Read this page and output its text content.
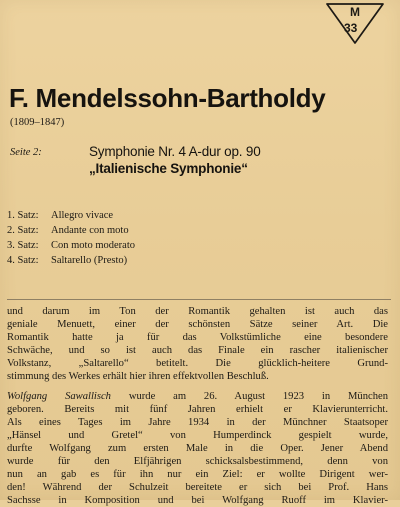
M
33
F. Mendelssohn-Bartholdy
(1809–1847)
Seite 2:	Symphonie Nr. 4 A-dur op. 90
„Italienische Symphonie“
1. Satz: Allegro vivace
2. Satz: Andante con moto
3. Satz: Con moto moderato
4. Satz: Saltarello (Presto)
und darum im Ton der Romantik gehalten ist auch das
geniale Menuett, einer der schönsten Sätze seiner Art. Die
Romantik hatte ja für das Volkstümliche eine besondere
Schwäche, und so ist auch das Finale ein rascher italienischer
Volkstanz, „Saltarello“ betitelt. Die glücklich-heitere Grund-
stimmung des Werkes erhält hier ihren effektvollen Beschluß.
Wolfgang Sawallisch wurde am 26. August 1923 in München
geboren. Bereits mit fünf Jahren erhielt er Klavierunterricht.
Als eines Tages im Jahre 1934 in der Münchner Staatsoper
„Hänsel und Gretel“ von Humperdinck gespielt wurde,
durfte Wolfgang zum ersten Male in die Oper. Jener Abend
wurde für den Elfjährigen schicksalsbestimmend, denn von
nun an gab es für ihn nur ein Ziel: er wollte Dirigent wer-
den! Während der Schulzeit bereitete er sich bei Prof. Hans
Sachsse in Komposition und bei Wolfgang Ruoff im Klavier-
